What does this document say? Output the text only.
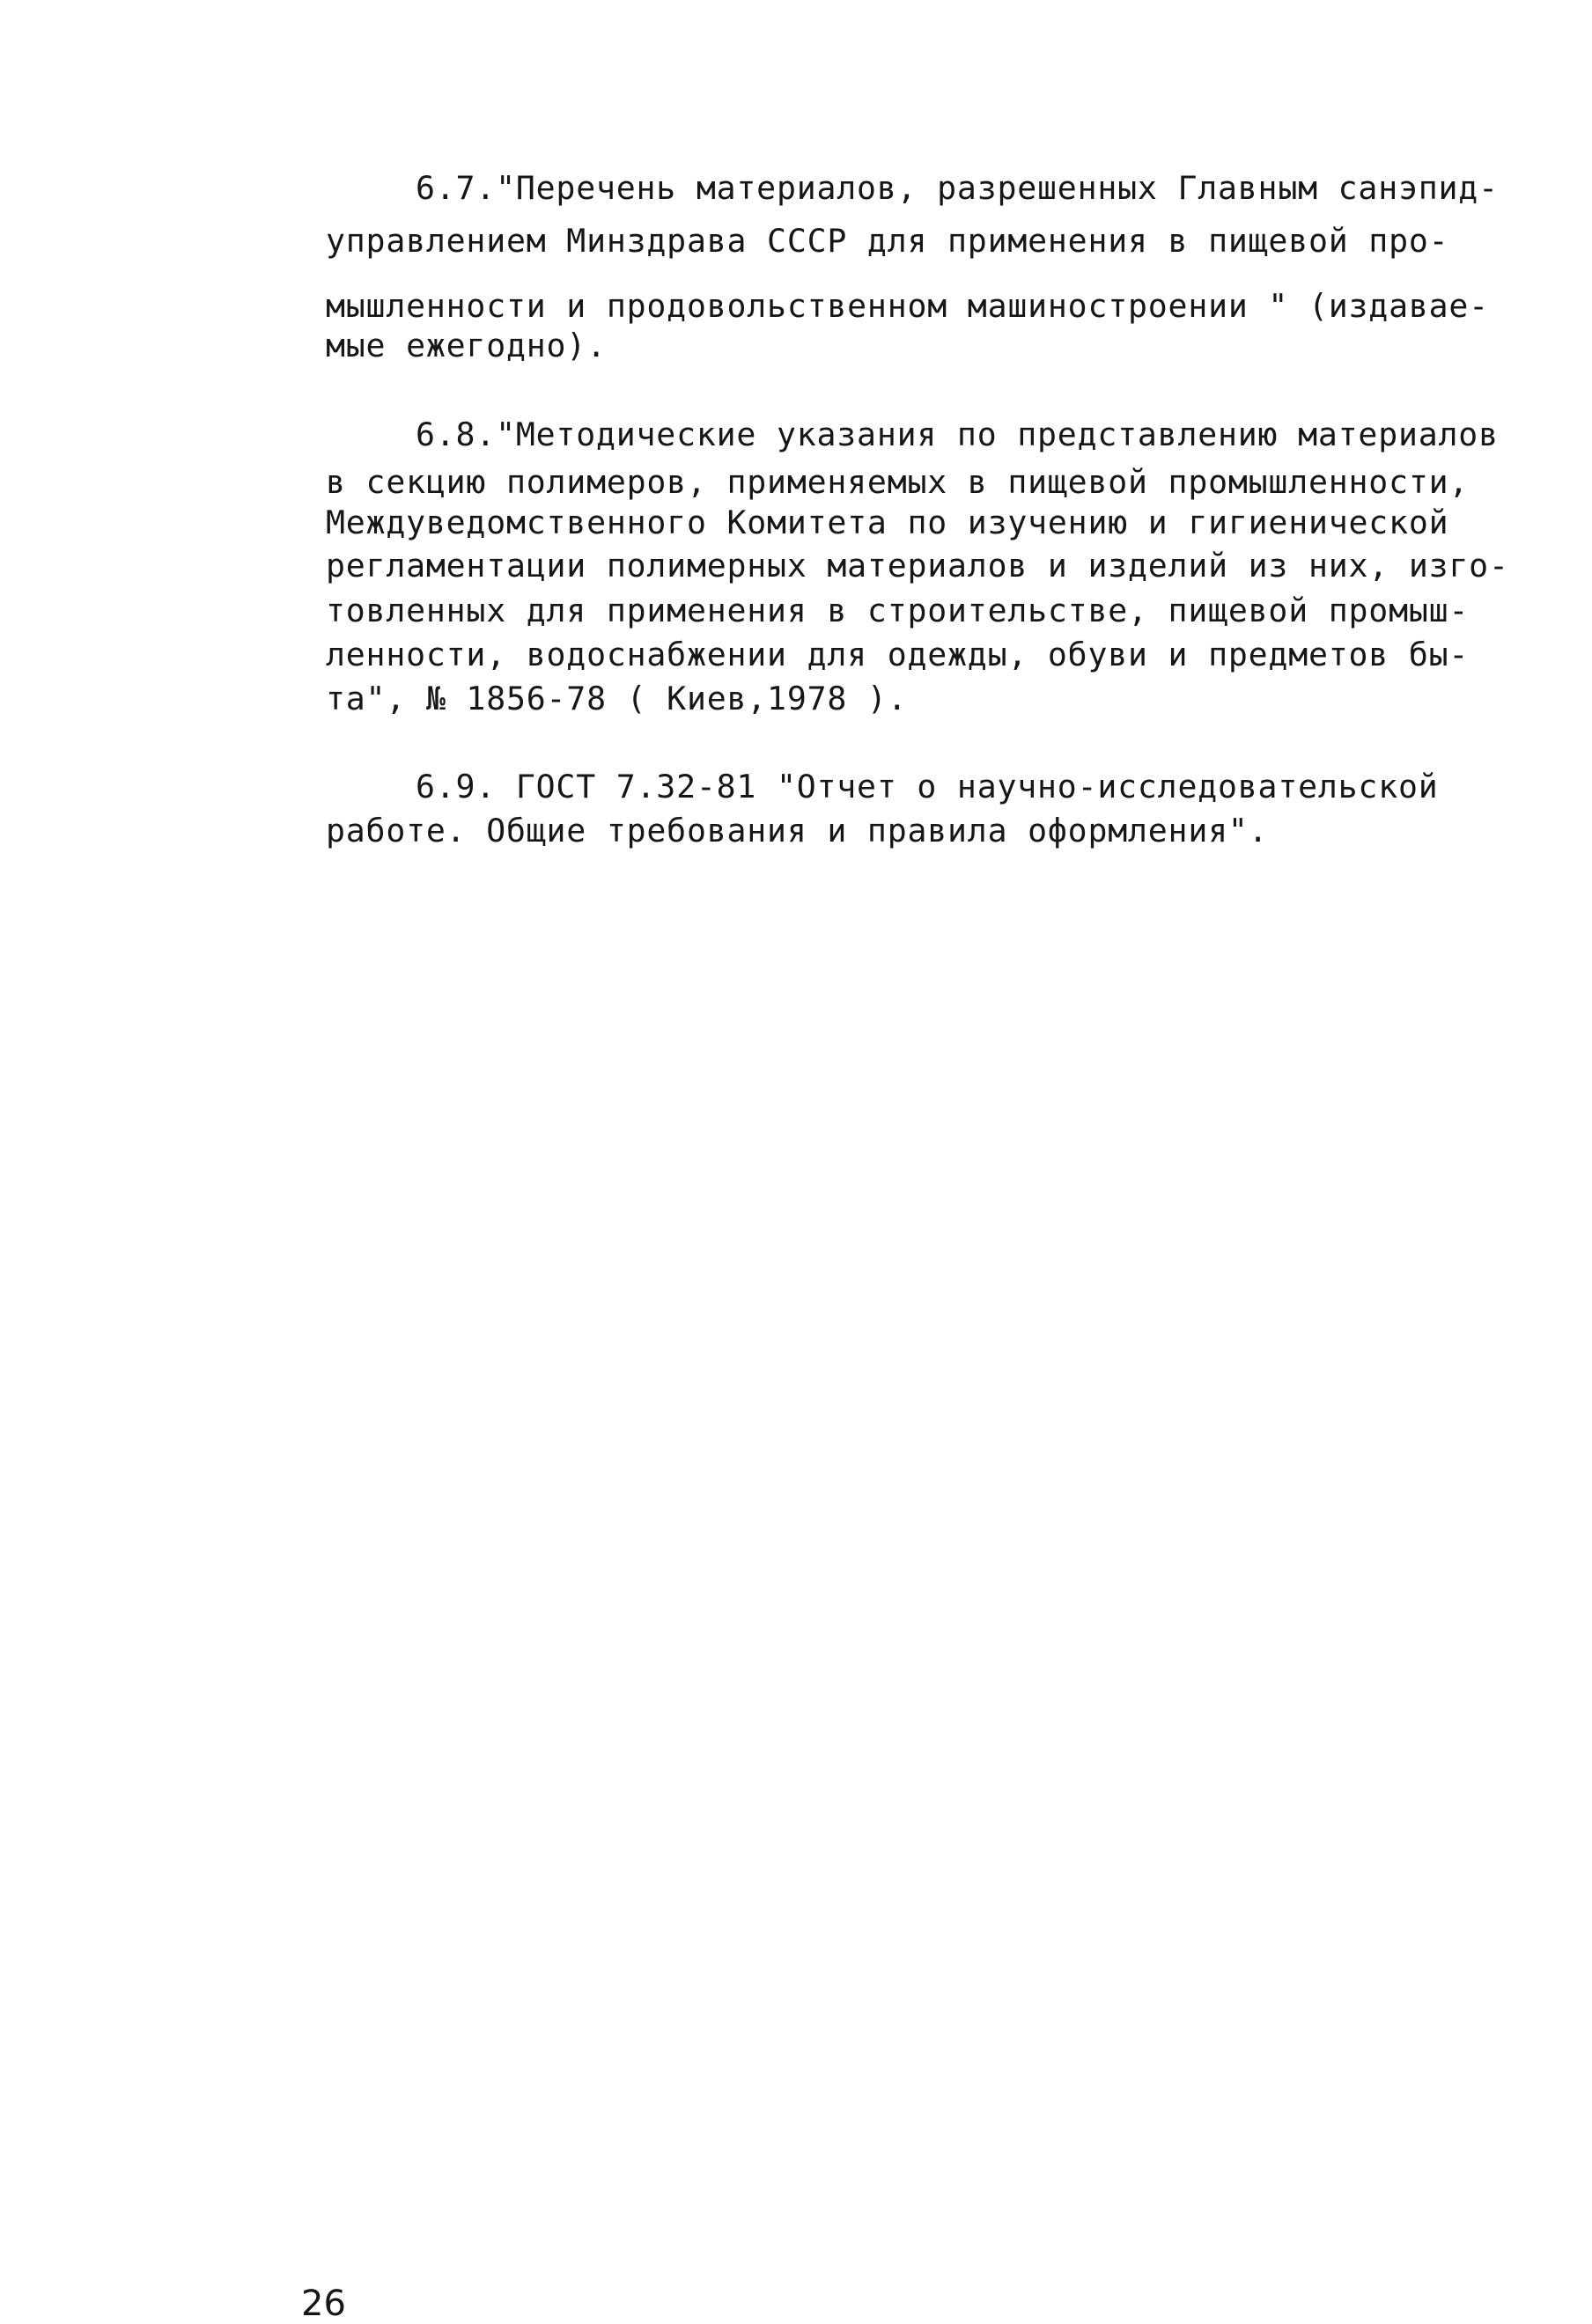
6.7."Перечень материалов, разрешенных Главным санэпид-
управлением Минздрава СССР для применения в пищевой про-
мышленности и продовольственном машиностроении " (издавае-
мые ежегодно).
6.8."Методические указания по представлению материалов
в секцию полимеров, применяемых в пищевой промышленности,
Междуведомственного Комитета по изучению и гигиенической
регламентации полимерных материалов и изделий из них, изго-
товленных для применения в строительстве, пищевой промыш-
ленности, водоснабжении для одежды, обуви и предметов бы-
та", № 1856-78 ( Киев,1978 ).
6.9. ГОСТ 7.32-81 "Отчет о научно-исследовательской
работе. Общие требования и правила оформления".
26
